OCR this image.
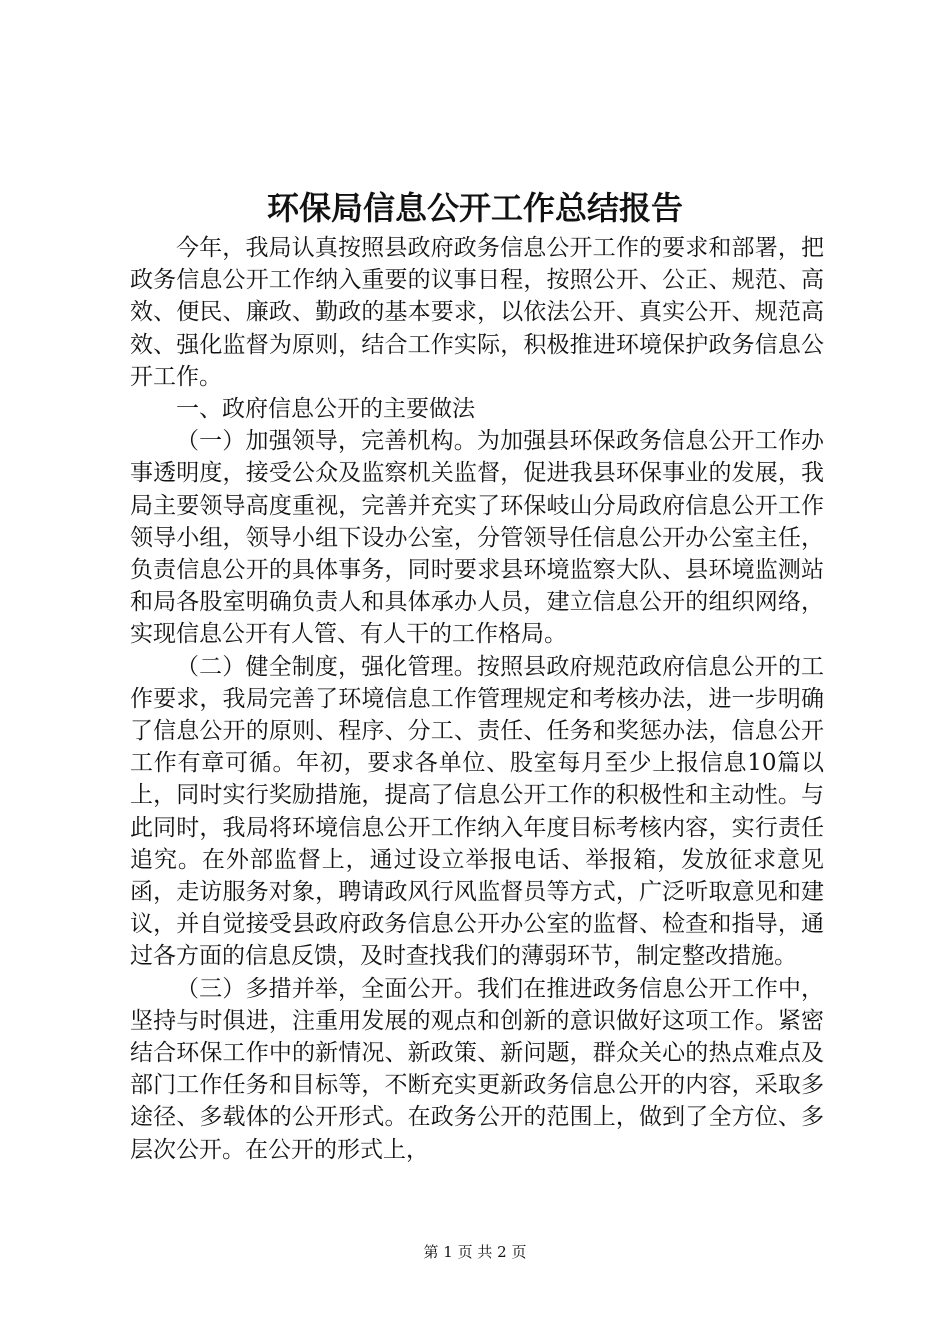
环保局信息公开工作总结报告

今年，我局认真按照县政府政务信息公开工作的要求和部署，把政务信息公开工作纳入重要的议事日程，按照公开、公正、规范、高效、便民、廉政、勤政的基本要求，以依法公开、真实公开、规范高效、强化监督为原则，结合工作实际，积极推进环境保护政务信息公开工作。

一、政府信息公开的主要做法

（一）加强领导，完善机构。为加强县环保政务信息公开工作办事透明度，接受公众及监察机关监督，促进我县环保事业的发展，我局主要领导高度重视，完善并充实了环保岐山分局政府信息公开工作领导小组，领导小组下设办公室，分管领导任信息公开办公室主任，负责信息公开的具体事务，同时要求县环境监察大队、县环境监测站和局各股室明确负责人和具体承办人员，建立信息公开的组织网络，实现信息公开有人管、有人干的工作格局。

（二）健全制度，强化管理。按照县政府规范政府信息公开的工作要求，我局完善了环境信息工作管理规定和考核办法，进一步明确了信息公开的原则、程序、分工、责任、任务和奖惩办法，信息公开工作有章可循。年初，要求各单位、股室每月至少上报信息10篇以上，同时实行奖励措施，提高了信息公开工作的积极性和主动性。与此同时，我局将环境信息公开工作纳入年度目标考核内容，实行责任追究。在外部监督上，通过设立举报电话、举报箱，发放征求意见函，走访服务对象，聘请政风行风监督员等方式，广泛听取意见和建议，并自觉接受县政府政务信息公开办公室的监督、检查和指导，通过各方面的信息反馈，及时查找我们的薄弱环节，制定整改措施。

（三）多措并举，全面公开。我们在推进政务信息公开工作中，坚持与时俱进，注重用发展的观点和创新的意识做好这项工作。紧密结合环保工作中的新情况、新政策、新问题，群众关心的热点难点及部门工作任务和目标等，不断充实更新政务信息公开的内容，采取多途径、多载体的公开形式。在政务公开的范围上，做到了全方位、多层次公开。在公开的形式上，

第 1 页 共 2 页
